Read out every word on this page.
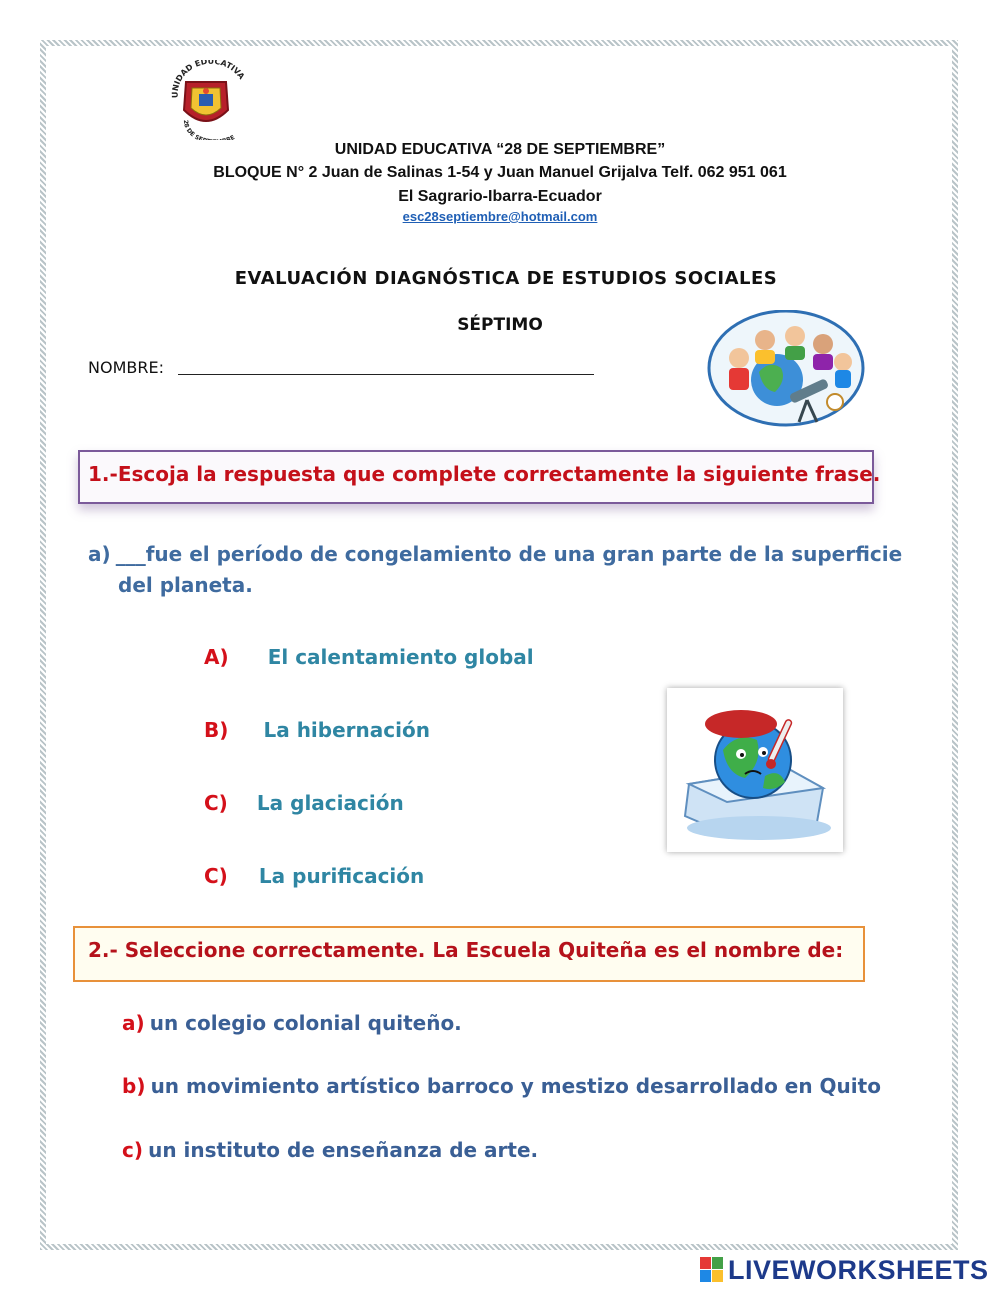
UNIDAD EDUCATIVA
28 DE SE RE
UNIDAD EDUCATIVA “28 DE SEPTIEMBRE”
BLOQUE N° 2 Juan de Salinas 1-54 y Juan Manuel Grijalva Telf. 062 951 061
El Sagrario-Ibarra-Ecuador
esc28septiembre@hotmail.com
EVALUACIÓN DIAGNÓSTICA DE ESTUDIOS SOCIALES
SÉPTIMO
NOMBRE:
1.-Escoja la respuesta que complete correctamente la siguiente frase.
a) ___fue el período de congelamiento de una gran parte de la superficie
del planeta.
A) El calentamiento global
B) La hibernación
C) La glaciación
C) La purificación
2.- Seleccione correctamente. La Escuela Quiteña es el nombre de:
a) un colegio colonial quiteño.
b) un movimiento artístico barroco y mestizo desarrollado en Quito
c) un instituto de enseñanza de arte.
LIVEWORKSHEETS
